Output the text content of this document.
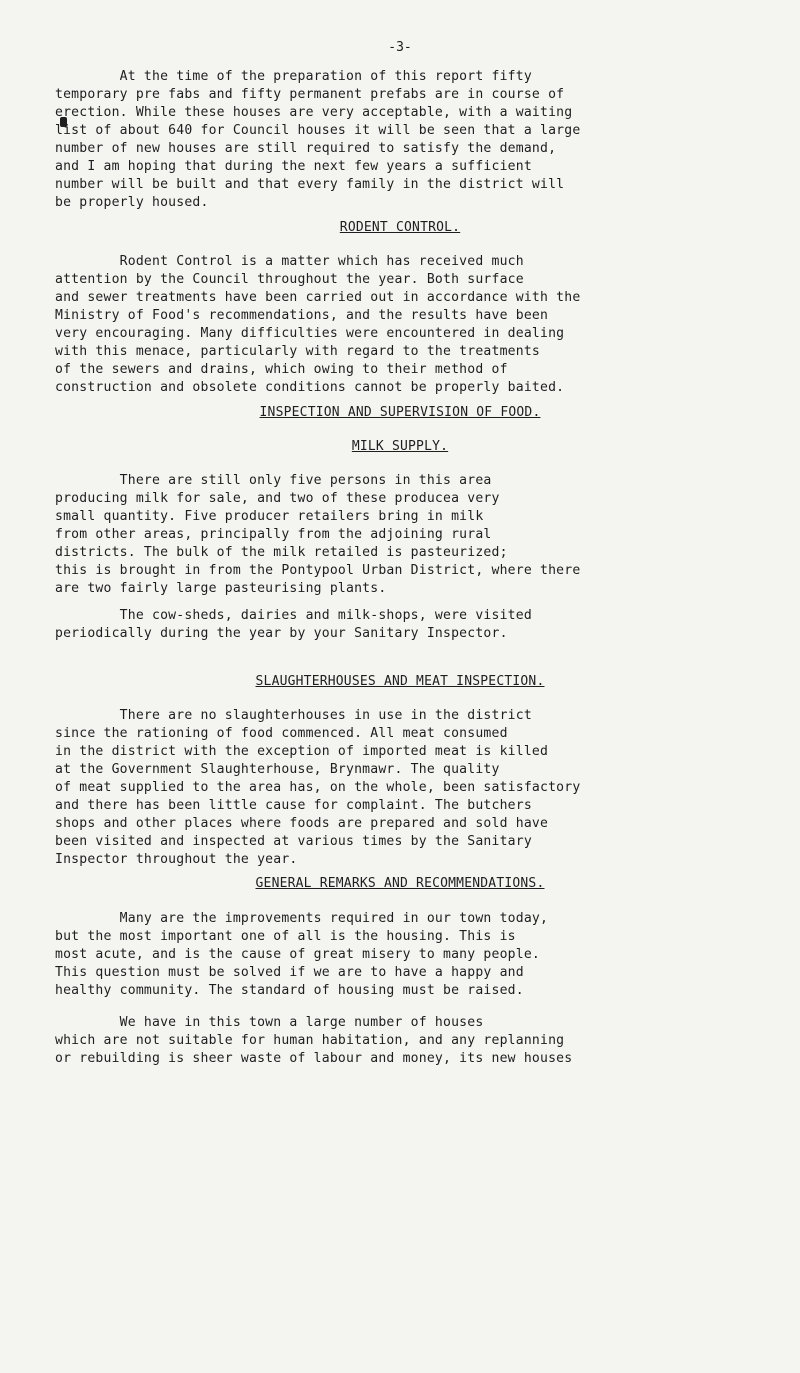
-3-
At the time of the preparation of this report fifty
temporary pre fabs and fifty permanent prefabs are in course of
erection. While these houses are very acceptable, with a waiting
list of about 640 for Council houses it will be seen that a large
number of new houses are still required to satisfy the demand,
and I am hoping that during the next few years a sufficient
number will be built and that every family in the district will
be properly housed.
RODENT CONTROL.
Rodent Control is a matter which has received much
attention by the Council throughout the year. Both surface
and sewer treatments have been carried out in accordance with the
Ministry of Food's recommendations, and the results have been
very encouraging. Many difficulties were encountered in dealing
with this menace, particularly with regard to the treatments
of the sewers and drains, which owing to their method of
construction and obsolete conditions cannot be properly baited.
INSPECTION AND SUPERVISION OF FOOD.
MILK SUPPLY.
There are still only five persons in this area
producing milk for sale, and two of these producea very
small quantity. Five producer retailers bring in milk
from other areas, principally from the adjoining rural
districts. The bulk of the milk retailed is pasteurized;
this is brought in from the Pontypool Urban District, where there
are two fairly large pasteurising plants.
The cow-sheds, dairies and milk-shops, were visited
periodically during the year by your Sanitary Inspector.
SLAUGHTERHOUSES AND MEAT INSPECTION.
There are no slaughterhouses in use in the district
since the rationing of food commenced. All meat consumed
in the district with the exception of imported meat is killed
at the Government Slaughterhouse, Brynmawr. The quality
of meat supplied to the area has, on the whole, been satisfactory
and there has been little cause for complaint. The butchers
shops and other places where foods are prepared and sold have
been visited and inspected at various times by the Sanitary
Inspector throughout the year.
GENERAL REMARKS AND RECOMMENDATIONS.
Many are the improvements required in our town today,
but the most important one of all is the housing. This is
most acute, and is the cause of great misery to many people.
This question must be solved if we are to have a happy and
healthy community. The standard of housing must be raised.
We have in this town a large number of houses
which are not suitable for human habitation, and any replanning
or rebuilding is sheer waste of labour and money, its new houses
